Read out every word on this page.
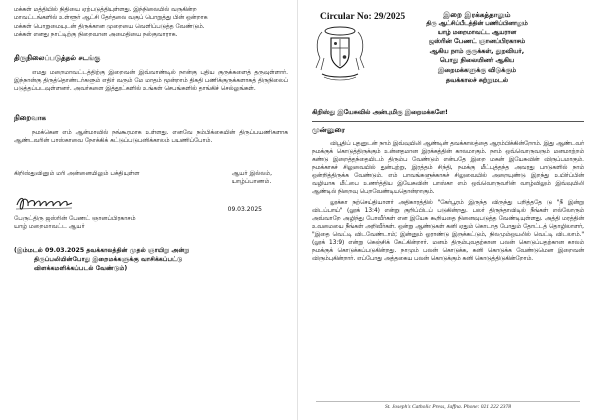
மக்கள் மத்தியில் நிதியை ஏற்படுத்தியுள்ளது. இந்நிலையில் வருகின்ற
மாவட்டங்களில் உள்ளூர் ஆட்சி தேர்தலை வகுப் பொறுத்து பின் ஒன்றாக
மக்கள் பொறுமையுடன் திருக்கான முறையை வெளிப்படுத்த வேண்டும்.
மக்கள் எனது நாட்டிற்கு நிறைவான அமைதியை நல்குவாராக.
திருநிலைப்படுத்தல் சடங்கு
எமது மறைமாவட்டத்திற்கு இறைவன் இவ்வாண்டில் நான்கு புதிய குருக்களைத் தருவுள்ளார். இந்நான்கு திருத்தொண்டர்களும் எதிர் வரும் மே மாதம் மூன்றாம் திகதி பணிக்குருக்களாகத் திருநிலைப் படுத்தப்படவுள்ளனர். அவர்களை இத்தூட்களில் உங்கள் செபங்களில் தாங்கிச் செல்லுங்கள்.
நிறைவாக
நமக்கென எம் ஆன்மாவில் நங்கூரமாக உள்ளது. எனவே நம்பிக்கையின் திருப்பயணிகளாக ஆண்டவரின் பாஸ்காவை நோக்கிக் கட்டுப்படுபனிக்காலம் பயணிப்போம்.
கிறிஸ்துவினும் மரி அன்னையிலும் பக்தியுள்ள	ஆயர் இல்லம்,
யாழ்ப்பாணம்.
09.03.2025
பேருட்திரு ஜஸ்ரின் பேணட் ஞானப்பிரகாசம்
யாழ் மறைமாவட்ட ஆயர்
(இம்மடல் 09.03.2025 தவக்காலத்தின் முதல் ஞாயிறு அன்று
திருப்பலியின்போது இறைமக்களுக்கு வாசிக்கப்பட்டு விளக்கமளிக்கப்படல் வேண்டும்)
Circular No: 29/2025	இறை இரக்கத்தாலும்
திரு ஆட்சிப்பீடத்தின் பணிப்பினாலும்
யாழ் மறைமாவட்ட ஆயரான
ஜஸ்ரின் பேணட் ஞானப்பிரகாசம்
ஆகிய நாம் குருக்கள், துறவியர்,
பொது நிலையினர் ஆகிய
இறைமக்களுக்கு விடுக்கும்
தவக்காலச் சுற்றுமடல்
கிறிஸ்து இயேசுவில் அன்புமிகு இறைமக்களே!
முன்னுரை
விபூதிப் புதனுடன் நாம் இவ்வுயிலி ஆண்டின் தவக்காலத்தை ஆரம்பிக்கின்றோம். இது ஆண்டவர் நமக்குக் கொடுத்திருக்கும் உன்னதமான இரக்கத்தின் காலமாகும். நாம் ஒவ்வொருவரும் மனமாற்றம் கண்டு இறைத்தந்தையிடம் திரும்ப வேண்டும் என்பதே இறை மகன் இயேசுவின் விருப்பமாகும். நமக்காகச் சிலுவையில் துன்புற்று, இரத்தம் சிந்தி, நமக்கு மீட்புத்தந்த அவரது பாடுகளில் நாம் ஒன்றித்திருக்க வேண்டும். எம் பாவங்களுக்காகச் சிலுவையில் அறையுண்டு இறந்து உயிர்ப்பின் வழியாக மீட்பை உணர்த்திய இயேசுவின் பாஸ்கா எம் ஒவ்வொருவரின் வாழ்விலும் இவ்வுயிலி ஆண்டில் நிறைவு பெறவேண்டியதொன்றாகும்.
லூக்கா நற்செய்தியாளர் அதிகாரத்தில் "கேர்பூரம் இருந்த விருந்து பறித்ததே டு "நீ இன்று விடப்பாய்" (லூக் 13:4) என்று குறிப்பிடப் படுகின்றது. பலர் திருந்தாவிடில் நீங்கள் எல்லோரும் அவ்வாறே அழிந்து போவீர்கள் என இயேசு கூறியதை நினைவுபடுத்த வேண்டியுள்ளது. அத்தி மரத்தின் உவமையை நீங்கள் அறிவீர்கள். ஒன்று ஆண்டுகள் கனி ஏதும் கொடாத போதும் தோட்டத் தொழிலாளர், "இதை வெட்டி விடவேண்டாம்; இன்னும் ஓராண்டு இருக்கட்டும், நிலமும்ஒயலில் வெட்டி விடலாம்." (லூக் 13:9) என்று கெஞ்சிக் கேட்கின்றார். மனம் திரும்புவதற்கான பலன் கொடுப்பதற்கான காலம் நமக்குக் கொடுக்கப்படுகின்றது. நாமும் பலன் கொடுக்க, கனி கொடுக்க வேண்டுமென இறைவன் விரும்புகின்றார். எப்போது அத்தகைய பலன் கொடுக்கும் கனி கொடுத்திடுகின்றோம்.
St. Joseph's Catholic Press, Jaffna. Phone: 021 222 2378
